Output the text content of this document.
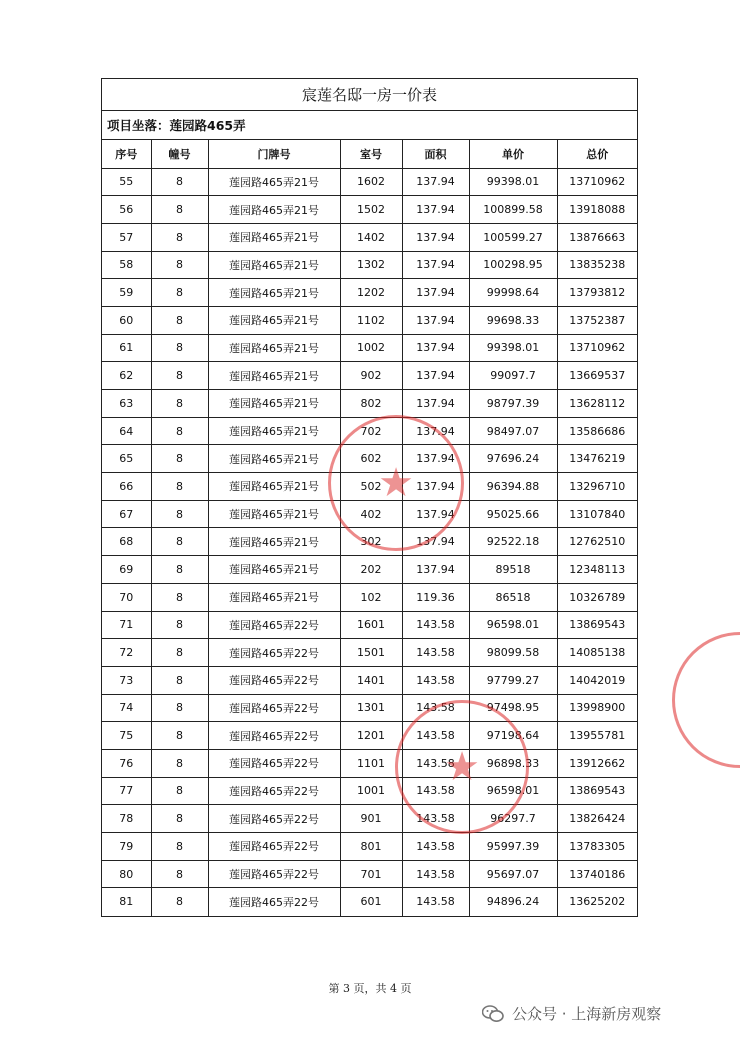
宸莲名邸一房一价表
项目坐落：莲园路465弄
序号	幢号	门牌号	室号	面积	单价	总价
55	8	莲园路465弄21号	1602	137.94	99398.01	13710962
56	8	莲园路465弄21号	1502	137.94	100899.58	13918088
57	8	莲园路465弄21号	1402	137.94	100599.27	13876663
58	8	莲园路465弄21号	1302	137.94	100298.95	13835238
59	8	莲园路465弄21号	1202	137.94	99998.64	13793812
60	8	莲园路465弄21号	1102	137.94	99698.33	13752387
61	8	莲园路465弄21号	1002	137.94	99398.01	13710962
62	8	莲园路465弄21号	902	137.94	99097.7	13669537
63	8	莲园路465弄21号	802	137.94	98797.39	13628112
64	8	莲园路465弄21号	702	137.94	98497.07	13586686
65	8	莲园路465弄21号	602	137.94	97696.24	13476219
66	8	莲园路465弄21号	502	137.94	96394.88	13296710
67	8	莲园路465弄21号	402	137.94	95025.66	13107840
68	8	莲园路465弄21号	302	137.94	92522.18	12762510
69	8	莲园路465弄21号	202	137.94	89518	12348113
70	8	莲园路465弄21号	102	119.36	86518	10326789
71	8	莲园路465弄22号	1601	143.58	96598.01	13869543
72	8	莲园路465弄22号	1501	143.58	98099.58	14085138
73	8	莲园路465弄22号	1401	143.58	97799.27	14042019
74	8	莲园路465弄22号	1301	143.58	97498.95	13998900
75	8	莲园路465弄22号	1201	143.58	97198.64	13955781
76	8	莲园路465弄22号	1101	143.58	96898.33	13912662
77	8	莲园路465弄22号	1001	143.58	96598.01	13869543
78	8	莲园路465弄22号	901	143.58	96297.7	13826424
79	8	莲园路465弄22号	801	143.58	95997.39	13783305
80	8	莲园路465弄22号	701	143.58	95697.07	13740186
81	8	莲园路465弄22号	601	143.58	94896.24	13625202
★
★
第 3 页，共 4 页
公众号 · 上海新房观察
